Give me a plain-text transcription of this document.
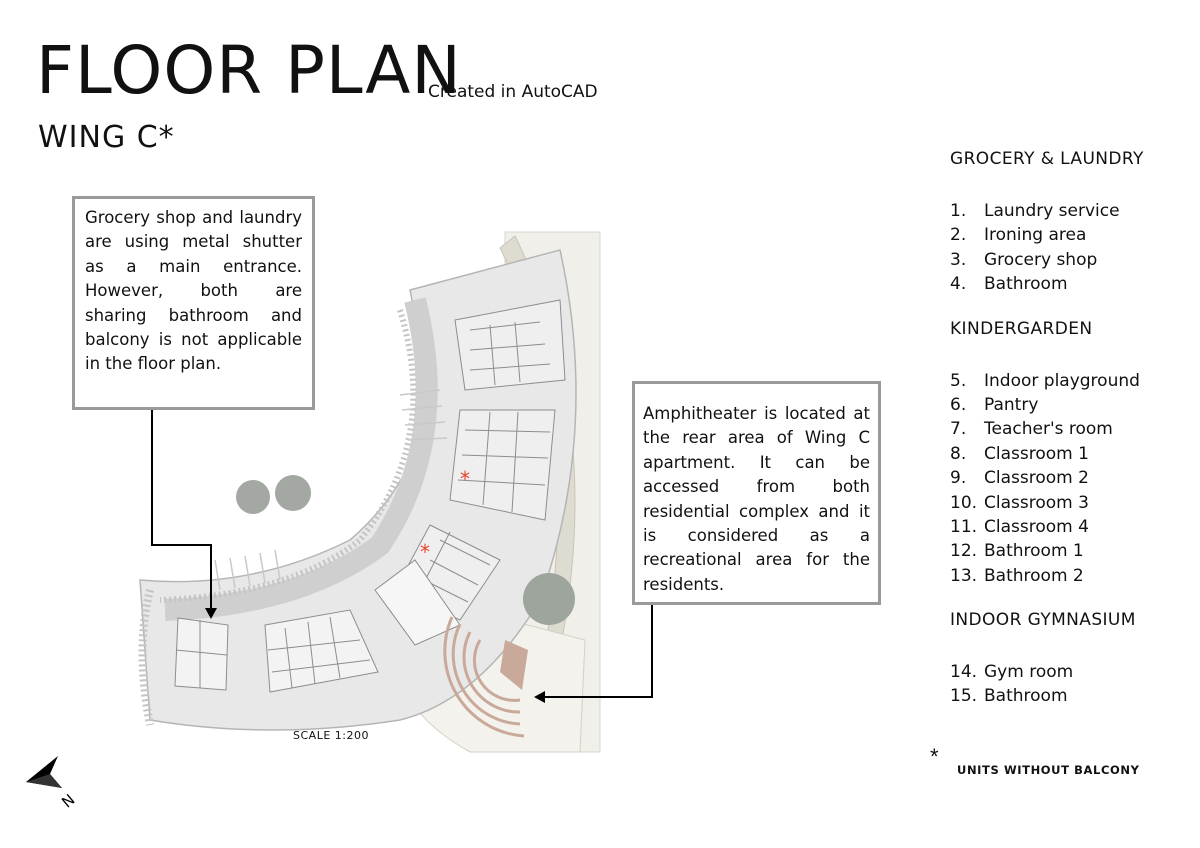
FLOOR PLAN
Created in AutoCAD
WING C*
*
*
Grocery shop and laundry are using metal shutter as a main entrance. However, both are sharing bathroom and balcony is not applicable in the floor plan.
Amphitheater is located at the rear area of Wing C apartment. It can be accessed from both residential complex and it is considered as a recreational area for the residents.
SCALE 1:200
GROCERY & LAUNDRY
1. Laundry service
2. Ironing area
3. Grocery shop
4. Bathroom
KINDERGARDEN
5. Indoor playground
6. Pantry
7. Teacher's room
8. Classroom 1
9. Classroom 2
10. Classroom 3
11. Classroom 4
12. Bathroom 1
13. Bathroom 2
INDOOR GYMNASIUM
14. Gym room
15. Bathroom
*
UNITS WITHOUT BALCONY
N
